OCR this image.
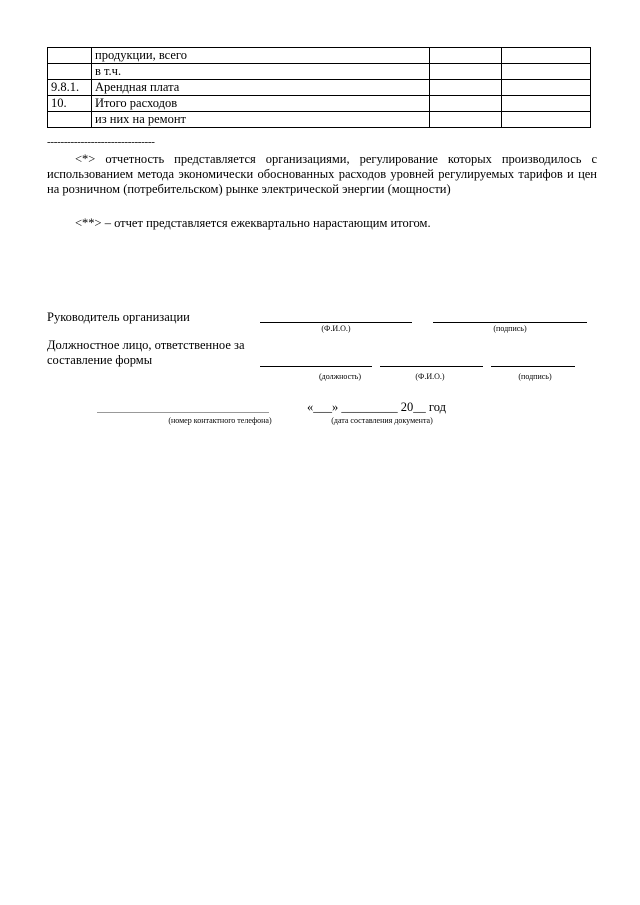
	продукции, всего		
	в т.ч.		
9.8.1.	Арендная плата		
10.	Итого расходов		
	из них на ремонт		
--------------------------------
<*> отчетность представляется организациями, регулирование которых производилось с использованием метода экономически обоснованных расходов уровней регулируемых тарифов и цен на розничном (потребительском) рынке электрической энергии (мощности)
<**> – отчет представляется ежеквартально нарастающим итогом.
Руководитель организации
(Ф.И.О.)	(подпись)
Должностное лицо, ответственное за
составление формы
(должность)	(Ф.И.О.)	(подпись)
(номер контактного телефона)
«___» _________ 20__ год
(дата составления документа)
